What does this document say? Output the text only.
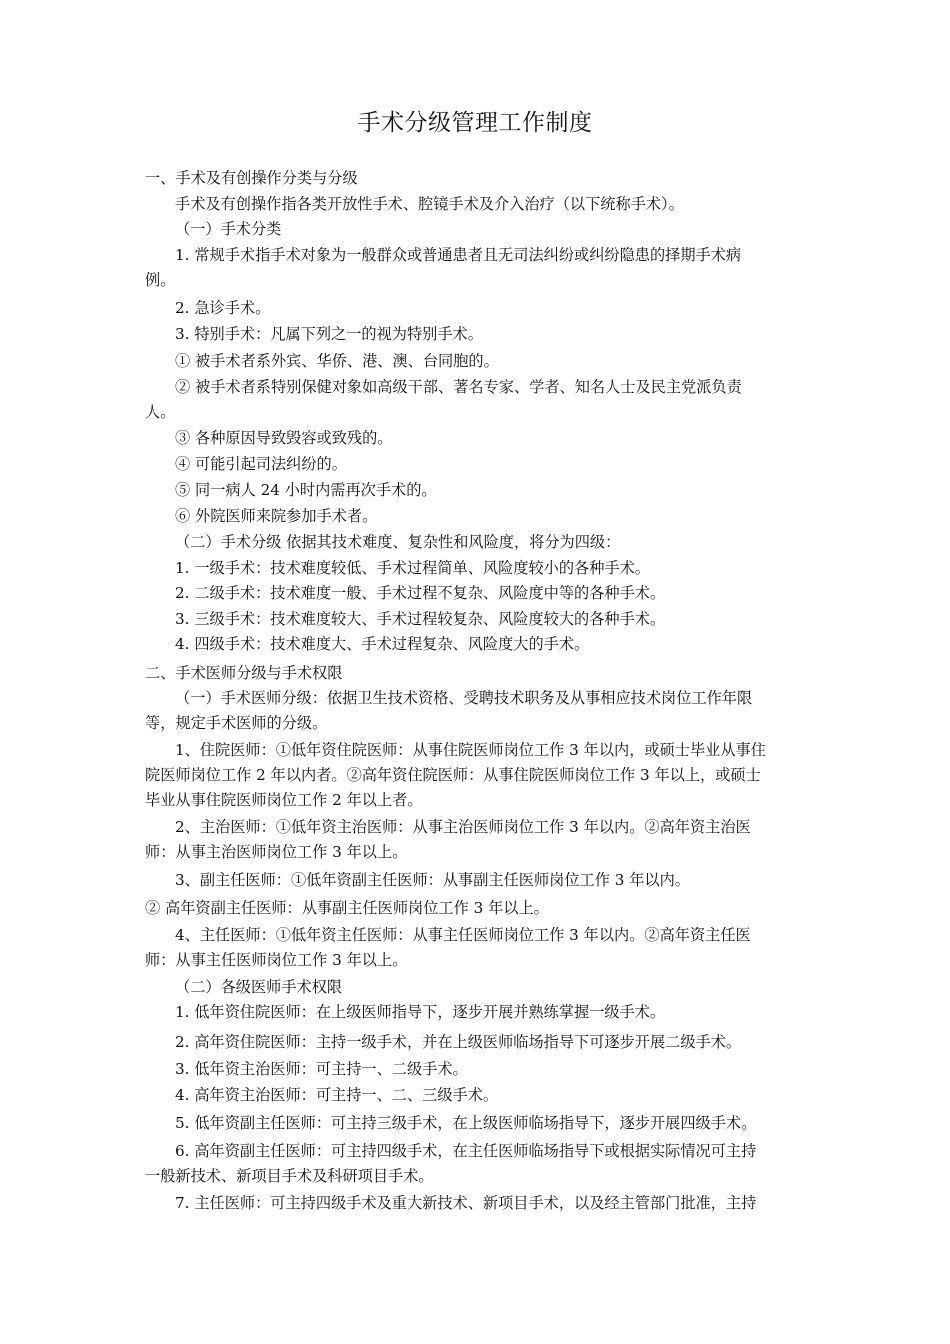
手术分级管理工作制度
一、手术及有创操作分类与分级
手术及有创操作指各类开放性手术、腔镜手术及介入治疗（以下统称手术）。
（一）手术分类
1. 常规手术指手术对象为一般群众或普通患者且无司法纠纷或纠纷隐患的择期手术病
例。
2. 急诊手术。
3. 特别手术：凡属下列之一的视为特别手术。
① 被手术者系外宾、华侨、港、澳、台同胞的。
② 被手术者系特别保健对象如高级干部、著名专家、学者、知名人士及民主党派负责
人。
③ 各种原因导致毁容或致残的。
④ 可能引起司法纠纷的。
⑤ 同一病人 24 小时内需再次手术的。
⑥ 外院医师来院参加手术者。
（二）手术分级 依据其技术难度、复杂性和风险度，将分为四级：
1. 一级手术：技术难度较低、手术过程简单、风险度较小的各种手术。
2. 二级手术：技术难度一般、手术过程不复杂、风险度中等的各种手术。
3. 三级手术：技术难度较大、手术过程较复杂、风险度较大的各种手术。
4. 四级手术：技术难度大、手术过程复杂、风险度大的手术。
二、手术医师分级与手术权限
（一）手术医师分级：依据卫生技术资格、受聘技术职务及从事相应技术岗位工作年限
等，规定手术医师的分级。
1、住院医师：①低年资住院医师：从事住院医师岗位工作 3 年以内，或硕士毕业从事住
院医师岗位工作 2 年以内者。②高年资住院医师：从事住院医师岗位工作 3 年以上，或硕士
毕业从事住院医师岗位工作 2 年以上者。
2、主治医师：①低年资主治医师：从事主治医师岗位工作 3 年以内。②高年资主治医
师：从事主治医师岗位工作 3 年以上。
3、副主任医师：①低年资副主任医师：从事副主任医师岗位工作 3 年以内。
② 高年资副主任医师：从事副主任医师岗位工作 3 年以上。
4、主任医师：①低年资主任医师：从事主任医师岗位工作 3 年以内。②高年资主任医
师：从事主任医师岗位工作 3 年以上。
（二）各级医师手术权限
1. 低年资住院医师：在上级医师指导下，逐步开展并熟练掌握一级手术。
2. 高年资住院医师：主持一级手术，并在上级医师临场指导下可逐步开展二级手术。
3. 低年资主治医师：可主持一、二级手术。
4. 高年资主治医师：可主持一、二、三级手术。
5. 低年资副主任医师：可主持三级手术，在上级医师临场指导下，逐步开展四级手术。
6. 高年资副主任医师：可主持四级手术，在主任医师临场指导下或根据实际情况可主持
一般新技术、新项目手术及科研项目手术。
7. 主任医师：可主持四级手术及重大新技术、新项目手术，以及经主管部门批准，主持
